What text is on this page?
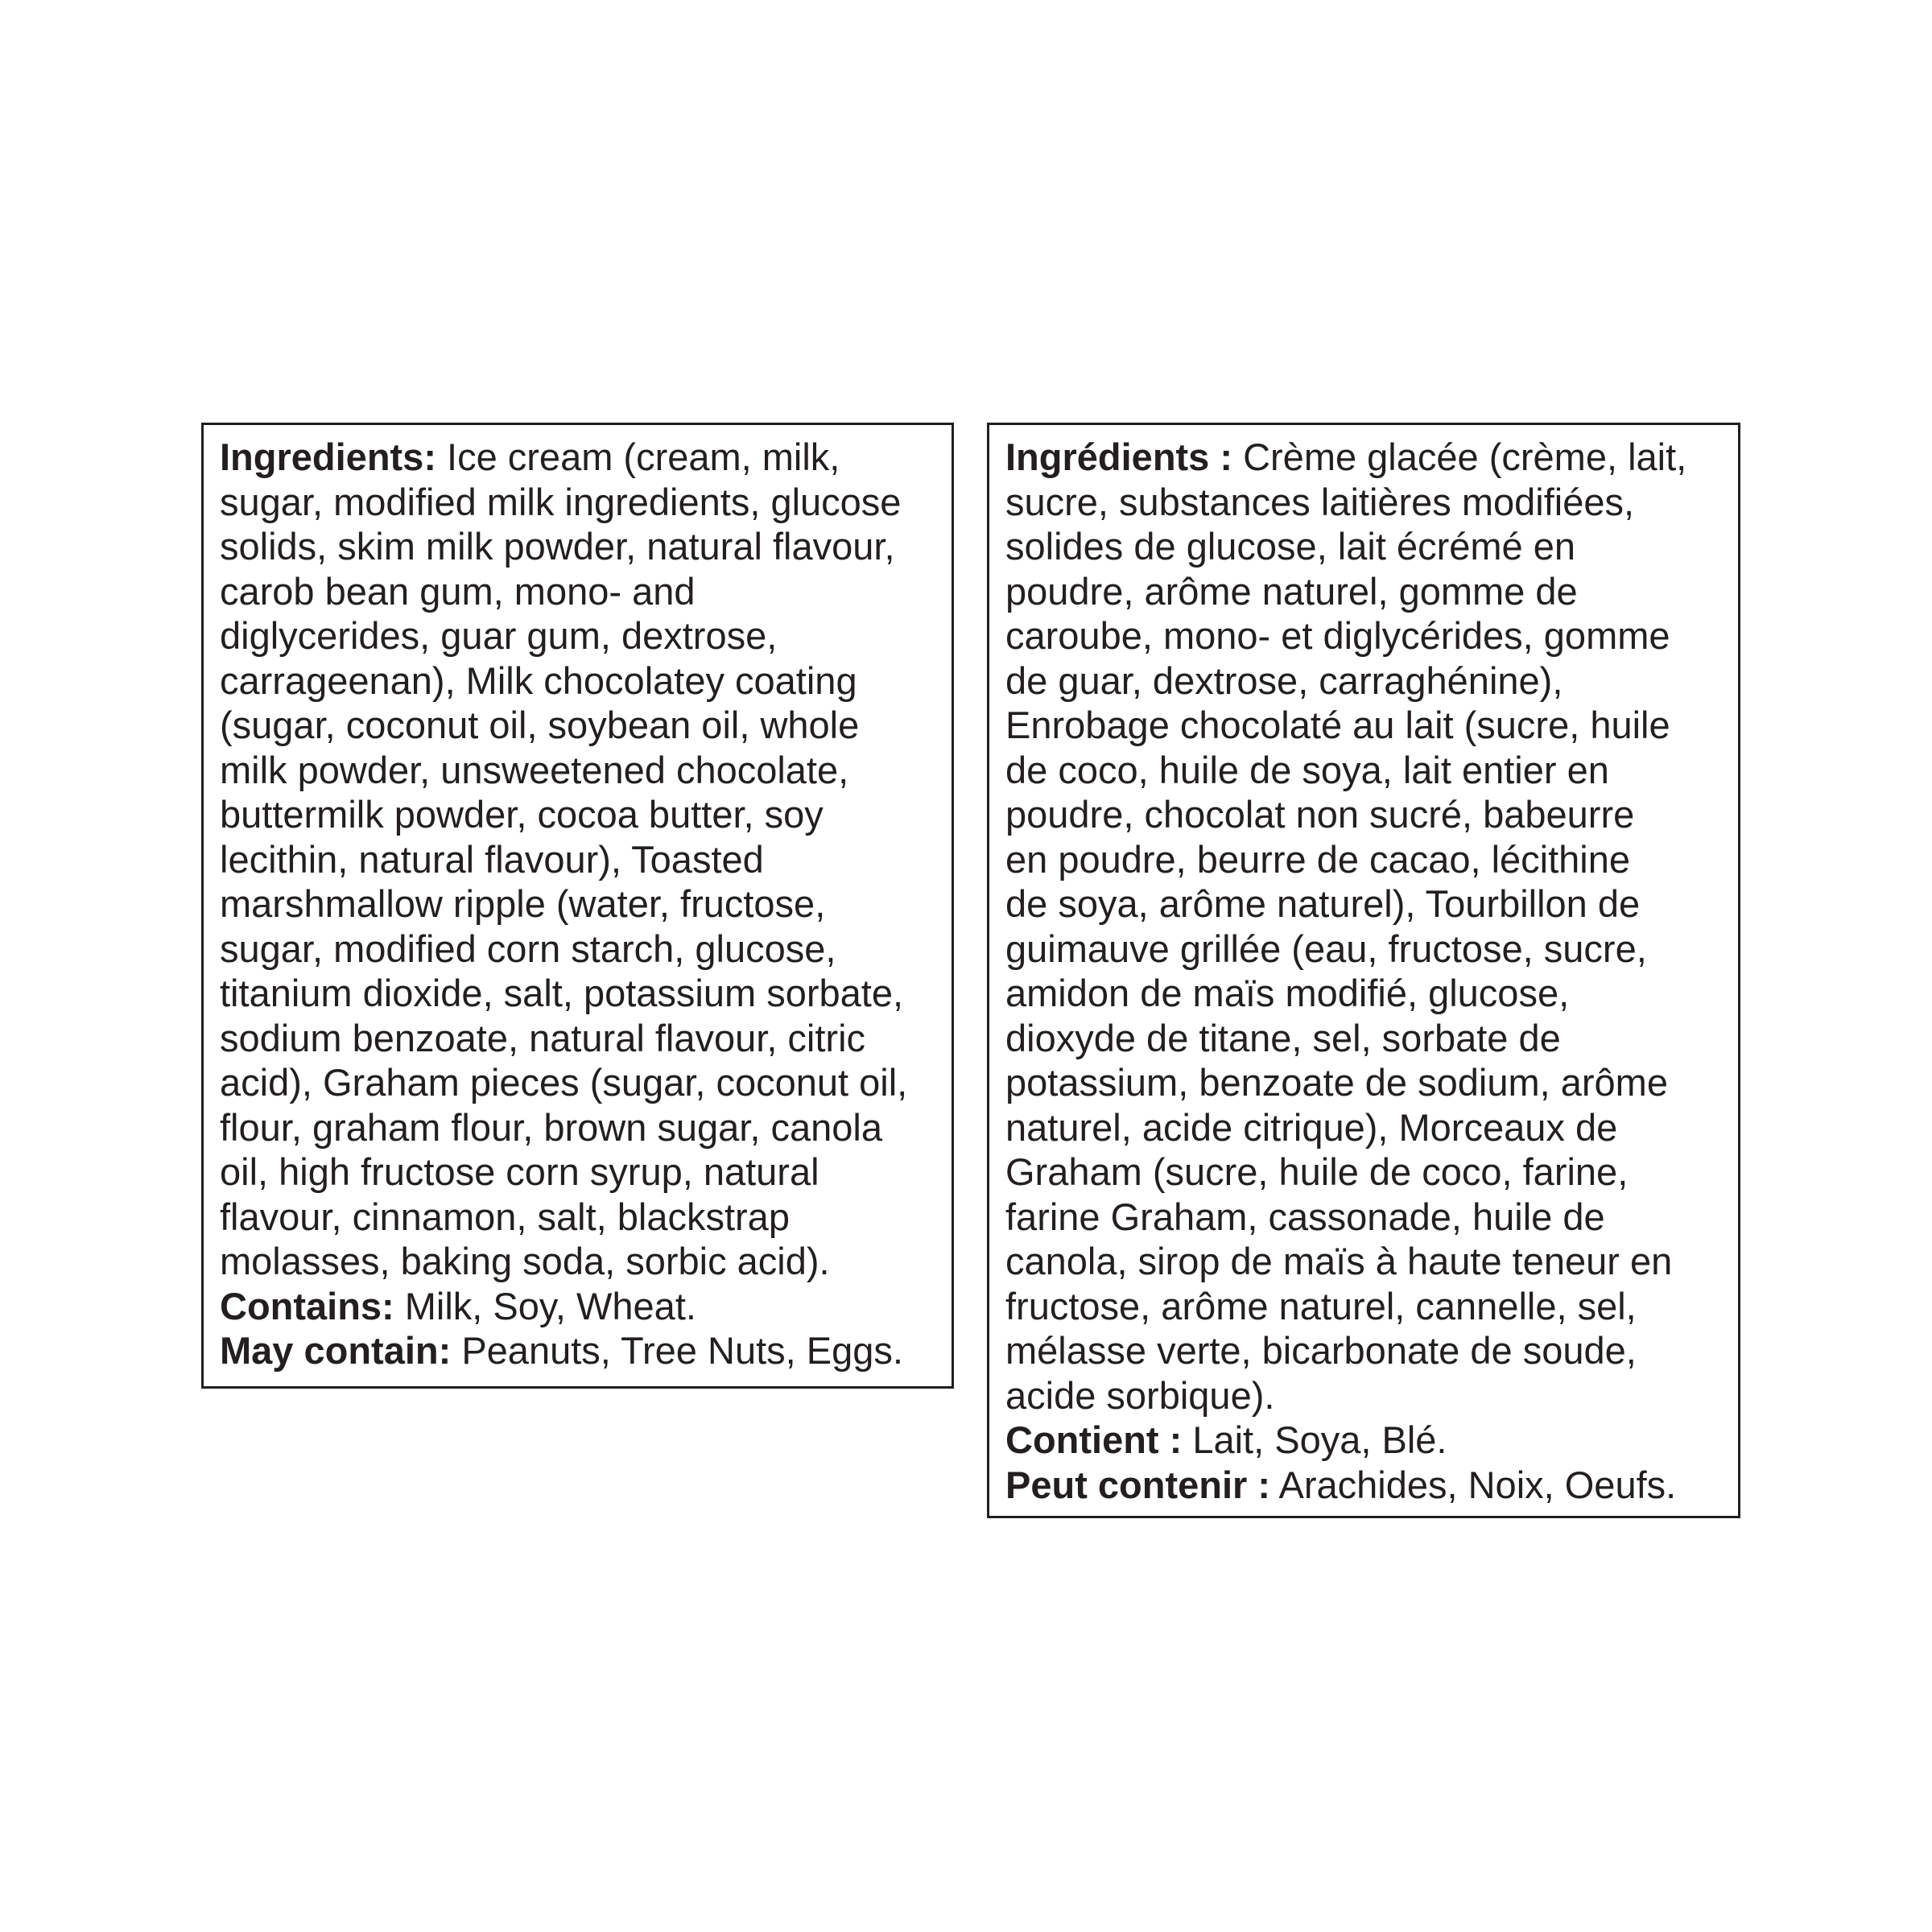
Ingredients: Ice cream (cream, milk,
sugar, modified milk ingredients, glucose
solids, skim milk powder, natural flavour,
carob bean gum, mono- and
diglycerides, guar gum, dextrose,
carrageenan), Milk chocolatey coating
(sugar, coconut oil, soybean oil, whole
milk powder, unsweetened chocolate,
buttermilk powder, cocoa butter, soy
lecithin, natural flavour), Toasted
marshmallow ripple (water, fructose,
sugar, modified corn starch, glucose,
titanium dioxide, salt, potassium sorbate,
sodium benzoate, natural flavour, citric
acid), Graham pieces (sugar, coconut oil,
flour, graham flour, brown sugar, canola
oil, high fructose corn syrup, natural
flavour, cinnamon, salt, blackstrap
molasses, baking soda, sorbic acid).
Contains: Milk, Soy, Wheat.
May contain: Peanuts, Tree Nuts, Eggs.
Ingrédients : Crème glacée (crème, lait,
sucre, substances laitières modifiées,
solides de glucose, lait écrémé en
poudre, arôme naturel, gomme de
caroube, mono- et diglycérides, gomme
de guar, dextrose, carraghénine),
Enrobage chocolaté au lait (sucre, huile
de coco, huile de soya, lait entier en
poudre, chocolat non sucré, babeurre
en poudre, beurre de cacao, lécithine
de soya, arôme naturel), Tourbillon de
guimauve grillée (eau, fructose, sucre,
amidon de maïs modifié, glucose,
dioxyde de titane, sel, sorbate de
potassium, benzoate de sodium, arôme
naturel, acide citrique), Morceaux de
Graham (sucre, huile de coco, farine,
farine Graham, cassonade, huile de
canola, sirop de maïs à haute teneur en
fructose, arôme naturel, cannelle, sel,
mélasse verte, bicarbonate de soude,
acide sorbique).
Contient : Lait, Soya, Blé.
Peut contenir : Arachides, Noix, Oeufs.
